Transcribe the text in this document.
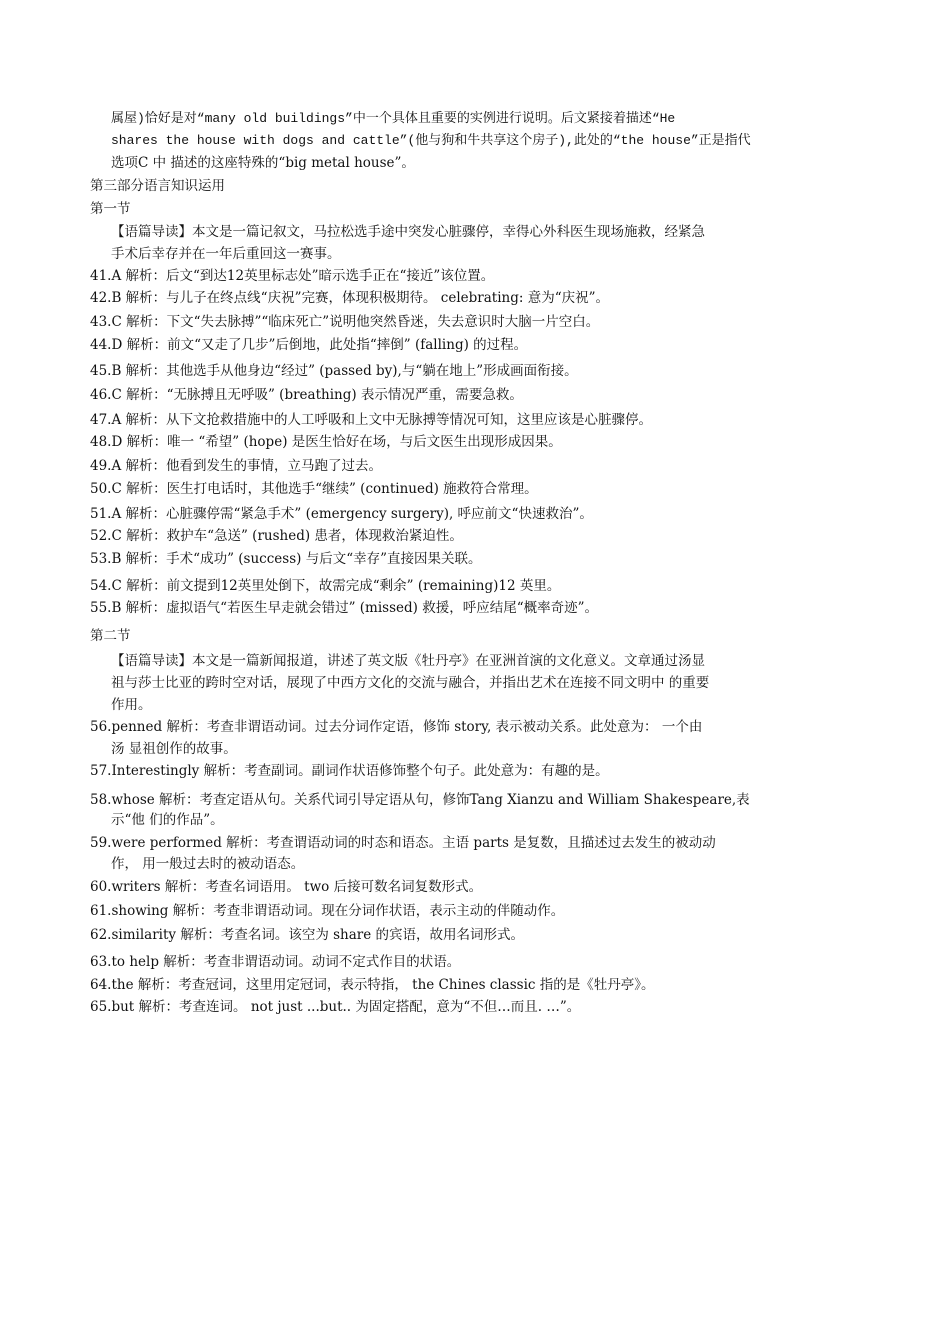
属屋)恰好是对“many old buildings”中一个具体且重要的实例进行说明。后文紧接着描述“He
shares the house with dogs and cattle”(他与狗和牛共享这个房子),此处的“the house”正是指代
选项C 中 描述的这座特殊的“big metal house”。
第三部分语言知识运用
第一节
【语篇导读】本文是一篇记叙文，马拉松选手途中突发心脏骤停，幸得心外科医生现场施救，经紧急
手术后幸存并在一年后重回这一赛事。
41.A 解析：后文“到达12英里标志处”暗示选手正在“接近”该位置。
42.B 解析：与儿子在终点线“庆祝”完赛，体现积极期待。 celebrating: 意为“庆祝”。
43.C 解析：下文“失去脉搏”“临床死亡”说明他突然昏迷，失去意识时大脑一片空白。
44.D 解析：前文“又走了几步”后倒地，此处指“摔倒” (falling) 的过程。
45.B 解析：其他选手从他身边“经过” (passed by),与“躺在地上”形成画面衔接。
46.C 解析：“无脉搏且无呼吸” (breathing) 表示情况严重，需要急救。
47.A 解析：从下文抢救措施中的人工呼吸和上文中无脉搏等情况可知，这里应该是心脏骤停。
48.D 解析：唯一 “希望” (hope) 是医生恰好在场，与后文医生出现形成因果。
49.A 解析：他看到发生的事情，立马跑了过去。
50.C 解析：医生打电话时，其他选手“继续” (continued) 施救符合常理。
51.A 解析：心脏骤停需“紧急手术” (emergency surgery), 呼应前文“快速救治”。
52.C 解析：救护车“急送” (rushed) 患者，体现救治紧迫性。
53.B 解析：手术“成功” (success) 与后文“幸存”直接因果关联。
54.C 解析：前文提到12英里处倒下，故需完成“剩余” (remaining)12 英里。
55.B 解析：虚拟语气“若医生早走就会错过” (missed) 救援，呼应结尾“概率奇迹”。
第二节
【语篇导读】本文是一篇新闻报道，讲述了英文版《牡丹亭》在亚洲首演的文化意义。文章通过汤显
祖与莎士比亚的跨时空对话，展现了中西方文化的交流与融合，并指出艺术在连接不同文明中 的重要
作用。
56.penned 解析：考查非谓语动词。过去分词作定语，修饰 story, 表示被动关系。此处意为： 一个由
汤 显祖创作的故事。
57.Interestingly 解析：考查副词。副词作状语修饰整个句子。此处意为：有趣的是。
58.whose 解析：考查定语从句。关系代词引导定语从句，修饰Tang Xianzu and William Shakespeare,表
示“他 们的作品”。
59.were performed 解析：考查谓语动词的时态和语态。主语 parts 是复数，且描述过去发生的被动动
作， 用一般过去时的被动语态。
60.writers 解析：考查名词语用。 two 后接可数名词复数形式。
61.showing 解析：考查非谓语动词。现在分词作状语，表示主动的伴随动作。
62.similarity 解析：考查名词。该空为 share 的宾语，故用名词形式。
63.to help 解析：考查非谓语动词。动词不定式作目的状语。
64.the 解析：考查冠词，这里用定冠词，表示特指， the Chines classic 指的是《牡丹亭》。
65.but 解析：考查连词。 not just ...but.. 为固定搭配，意为“不但…而且. …”。
